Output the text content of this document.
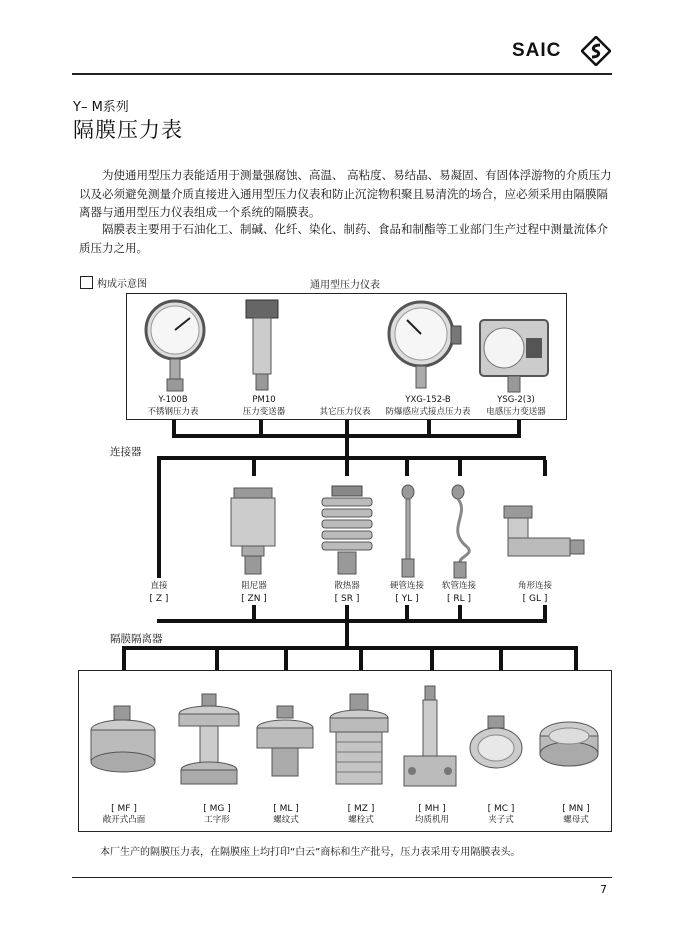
SAIC
Y– M系列
隔膜压力表

为使通用型压力表能适用于测量强腐蚀、高温、 高粘度、易结晶、易凝固、有固体浮游物的介质压力以及必须避免测量介质直接进入通用型压力仪表和防止沉淀物积聚且易清洗的场合，应必须采用由隔膜隔离器与通用型压力仪表组成一个系统的隔膜表。

隔膜表主要用于石油化工、制碱、化纤、染化、制药、食品和制酯等工业部门生产过程中测量流体介质压力之用。

构成示意图	通用型压力仪表
Y-100B
不锈钢压力表
PM10
压力变送器	其它压力仪表
YXG-152-B
防爆感应式接点压力表
YSG-2(3)
电感压力变送器
连接器
直接
[ Z ]
阻尼器
[ ZN ]
散热器
[ SR ]
硬管连接
[ YL ]
软管连接
[ RL ]
角形连接
[ GL ]
隔膜隔离器
[ MF ]
敞开式凸面
[ MG ]
工字形
[ ML ]
螺纹式
[ MZ ]
螺栓式
[ MH ]
均质机用
[ MC ]
夹子式
[ MN ]
螺母式
本厂生产的隔膜压力表，在隔膜座上均打印“白云”商标和生产批号，压力表采用专用隔膜表头。
7
